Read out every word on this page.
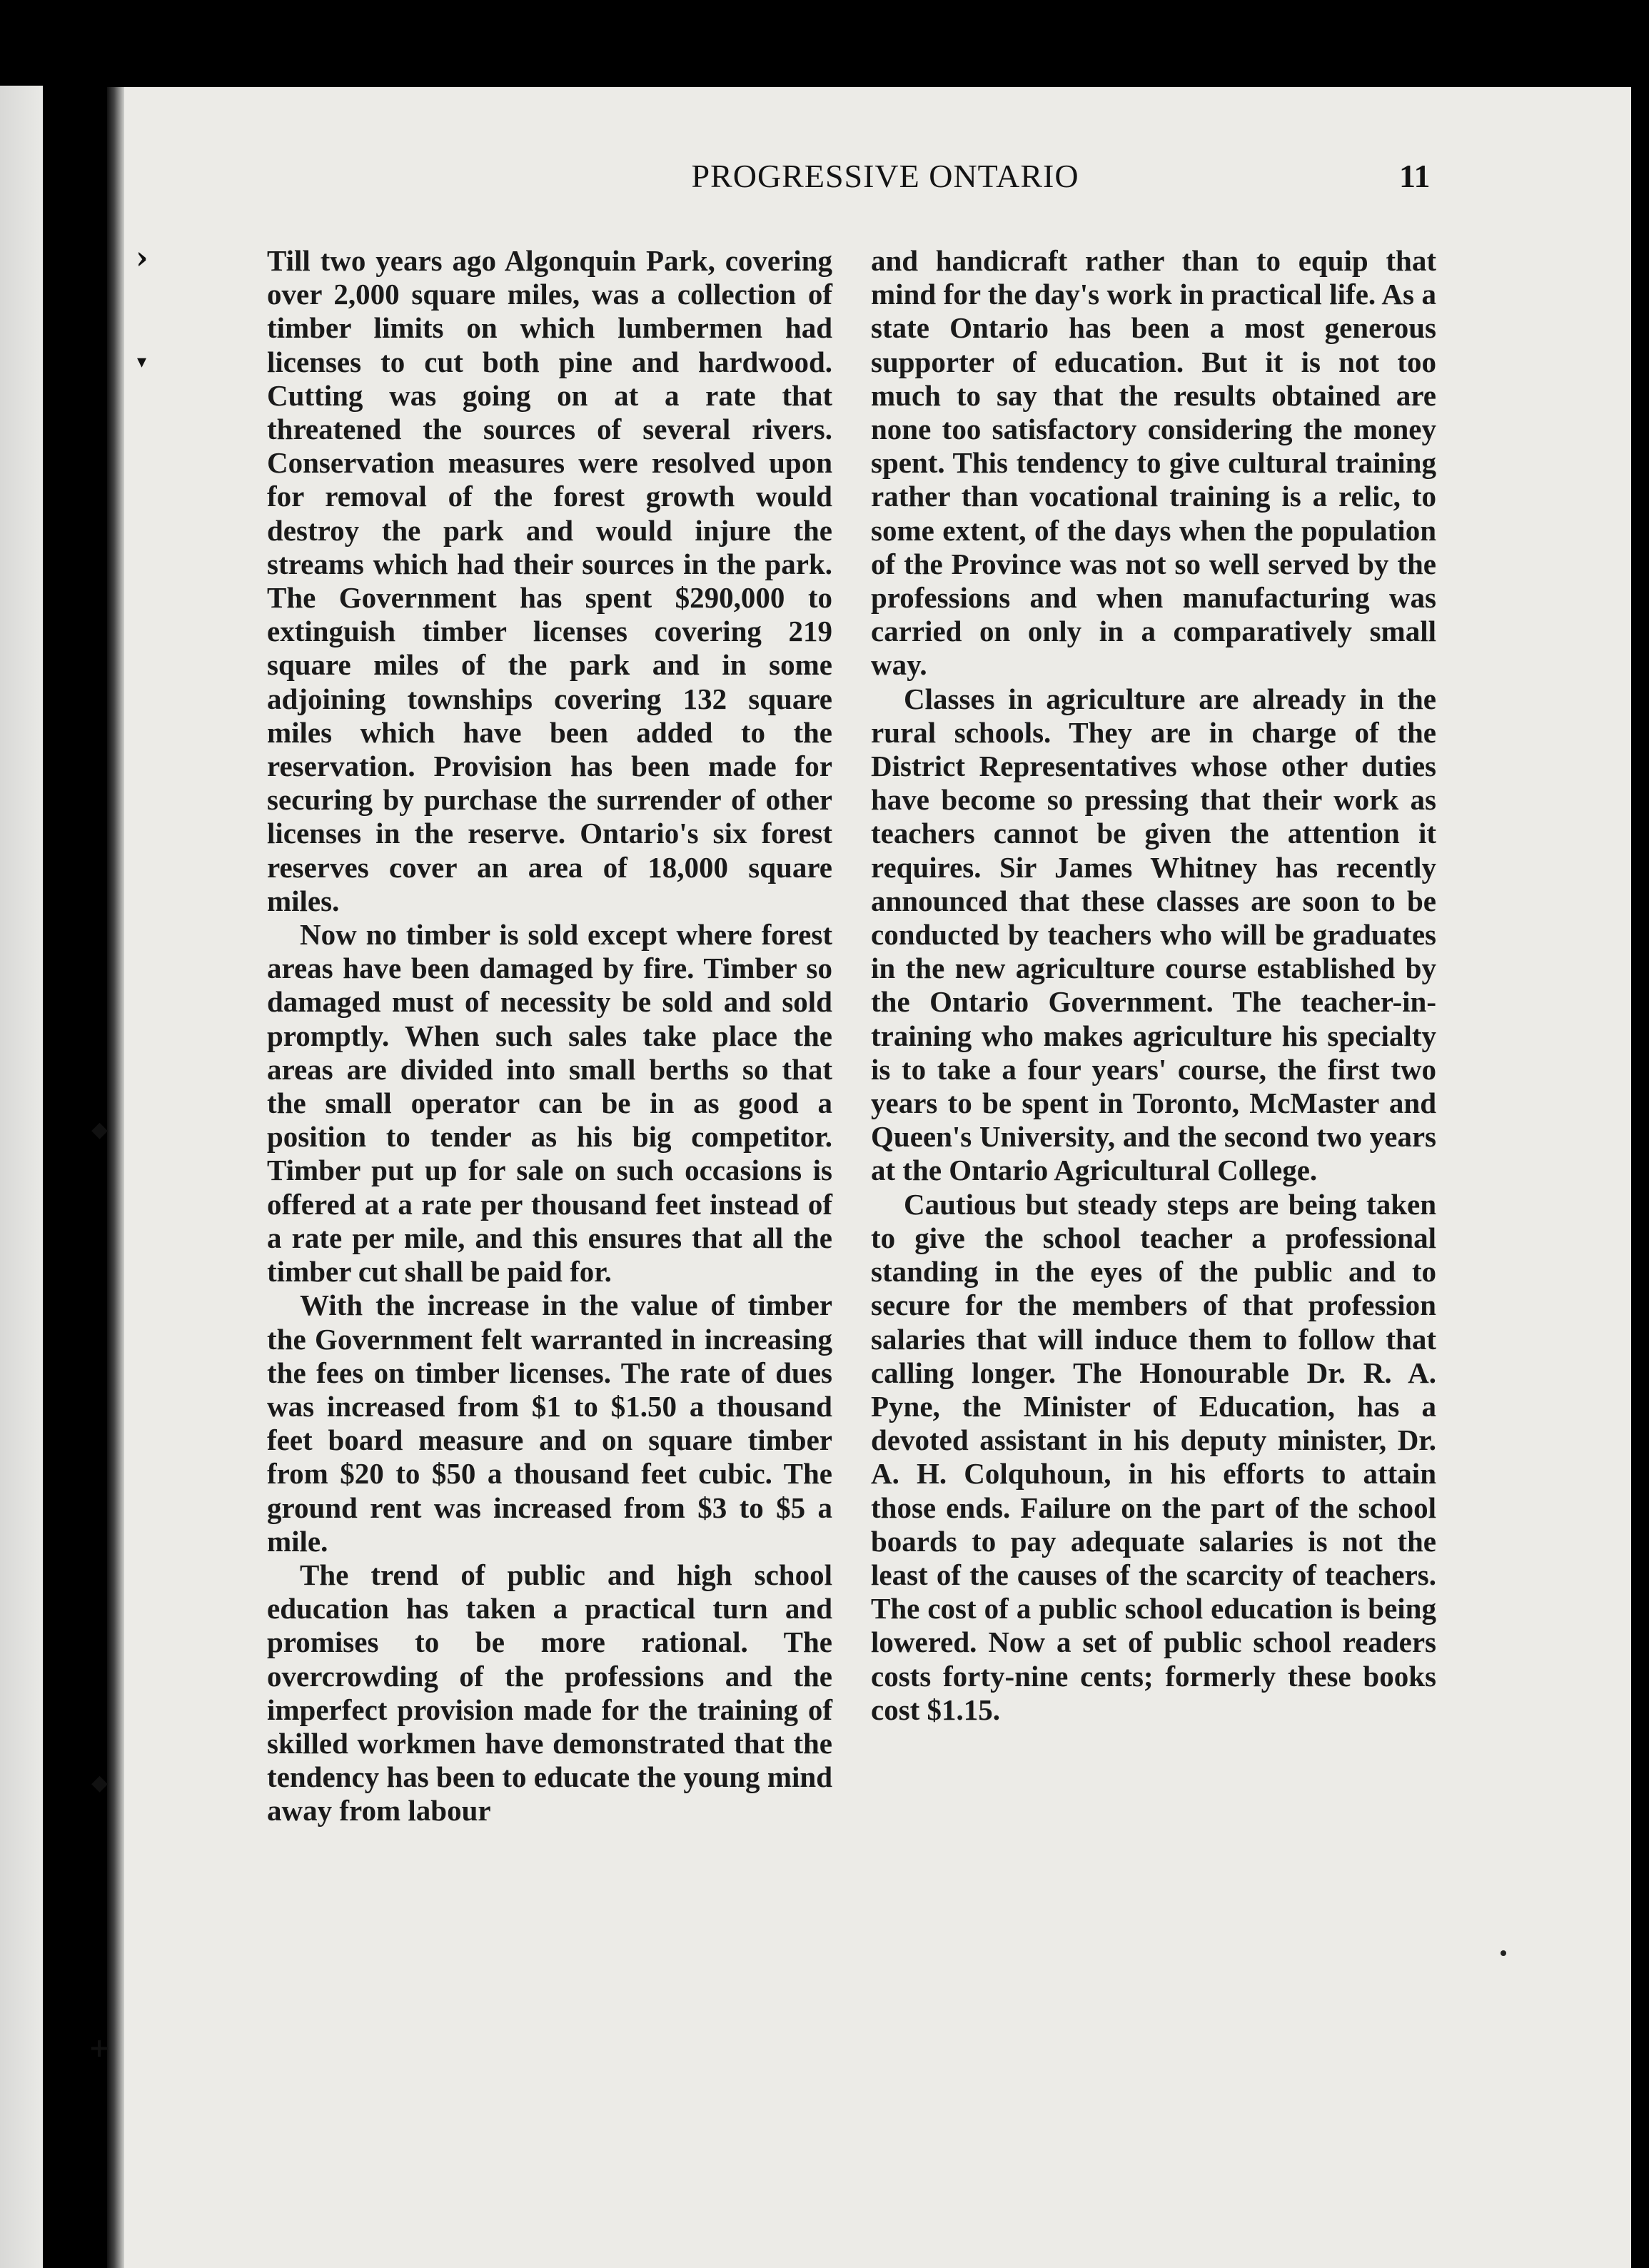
›
▾
◆
◆
+
PROGRESSIVE ONTARIO	11

Till two years ago Algonquin Park, covering over 2,000 square miles, was a collection of timber limits on which lumbermen had licenses to cut both pine and hardwood. Cutting was going on at a rate that threatened the sources of several rivers. Conservation measures were resolved upon for removal of the forest growth would destroy the park and would injure the streams which had their sources in the park. The Government has spent $290,000 to extinguish timber licenses covering 219 square miles of the park and in some adjoining townships covering 132 square miles which have been added to the reservation. Provision has been made for securing by purchase the surrender of other licenses in the reserve. Ontario's six forest reserves cover an area of 18,000 square miles.

Now no timber is sold except where forest areas have been damaged by fire. Timber so damaged must of necessity be sold and sold promptly. When such sales take place the areas are divided into small berths so that the small operator can be in as good a position to tender as his big competitor. Timber put up for sale on such occasions is offered at a rate per thousand feet instead of a rate per mile, and this ensures that all the timber cut shall be paid for.

With the increase in the value of timber the Government felt warranted in increasing the fees on timber licenses. The rate of dues was increased from $1 to $1.50 a thousand feet board measure and on square timber from $20 to $50 a thousand feet cubic. The ground rent was increased from $3 to $5 a mile.

The trend of public and high school education has taken a practical turn and promises to be more rational. The overcrowding of the professions and the imperfect provision made for the training of skilled workmen have demonstrated that the tendency has been to educate the young mind away from labour

and handicraft rather than to equip that mind for the day's work in practical life. As a state Ontario has been a most generous supporter of education. But it is not too much to say that the results obtained are none too satisfactory considering the money spent. This tendency to give cultural training rather than vocational training is a relic, to some extent, of the days when the population of the Province was not so well served by the professions and when manufacturing was carried on only in a comparatively small way.

Classes in agriculture are already in the rural schools. They are in charge of the District Representatives whose other duties have become so pressing that their work as teachers cannot be given the attention it requires. Sir James Whitney has recently announced that these classes are soon to be conducted by teachers who will be graduates in the new agriculture course established by the Ontario Government. The teacher-in-training who makes agriculture his specialty is to take a four years' course, the first two years to be spent in Toronto, McMaster and Queen's University, and the second two years at the Ontario Agricultural College.

Cautious but steady steps are being taken to give the school teacher a professional standing in the eyes of the public and to secure for the members of that profession salaries that will induce them to follow that calling longer. The Honourable Dr. R. A. Pyne, the Minister of Education, has a devoted assistant in his deputy minister, Dr. A. H. Colquhoun, in his efforts to attain those ends. Failure on the part of the school boards to pay adequate salaries is not the least of the causes of the scarcity of teachers. The cost of a public school education is being lowered. Now a set of public school readers costs forty-nine cents; formerly these books cost $1.15.
